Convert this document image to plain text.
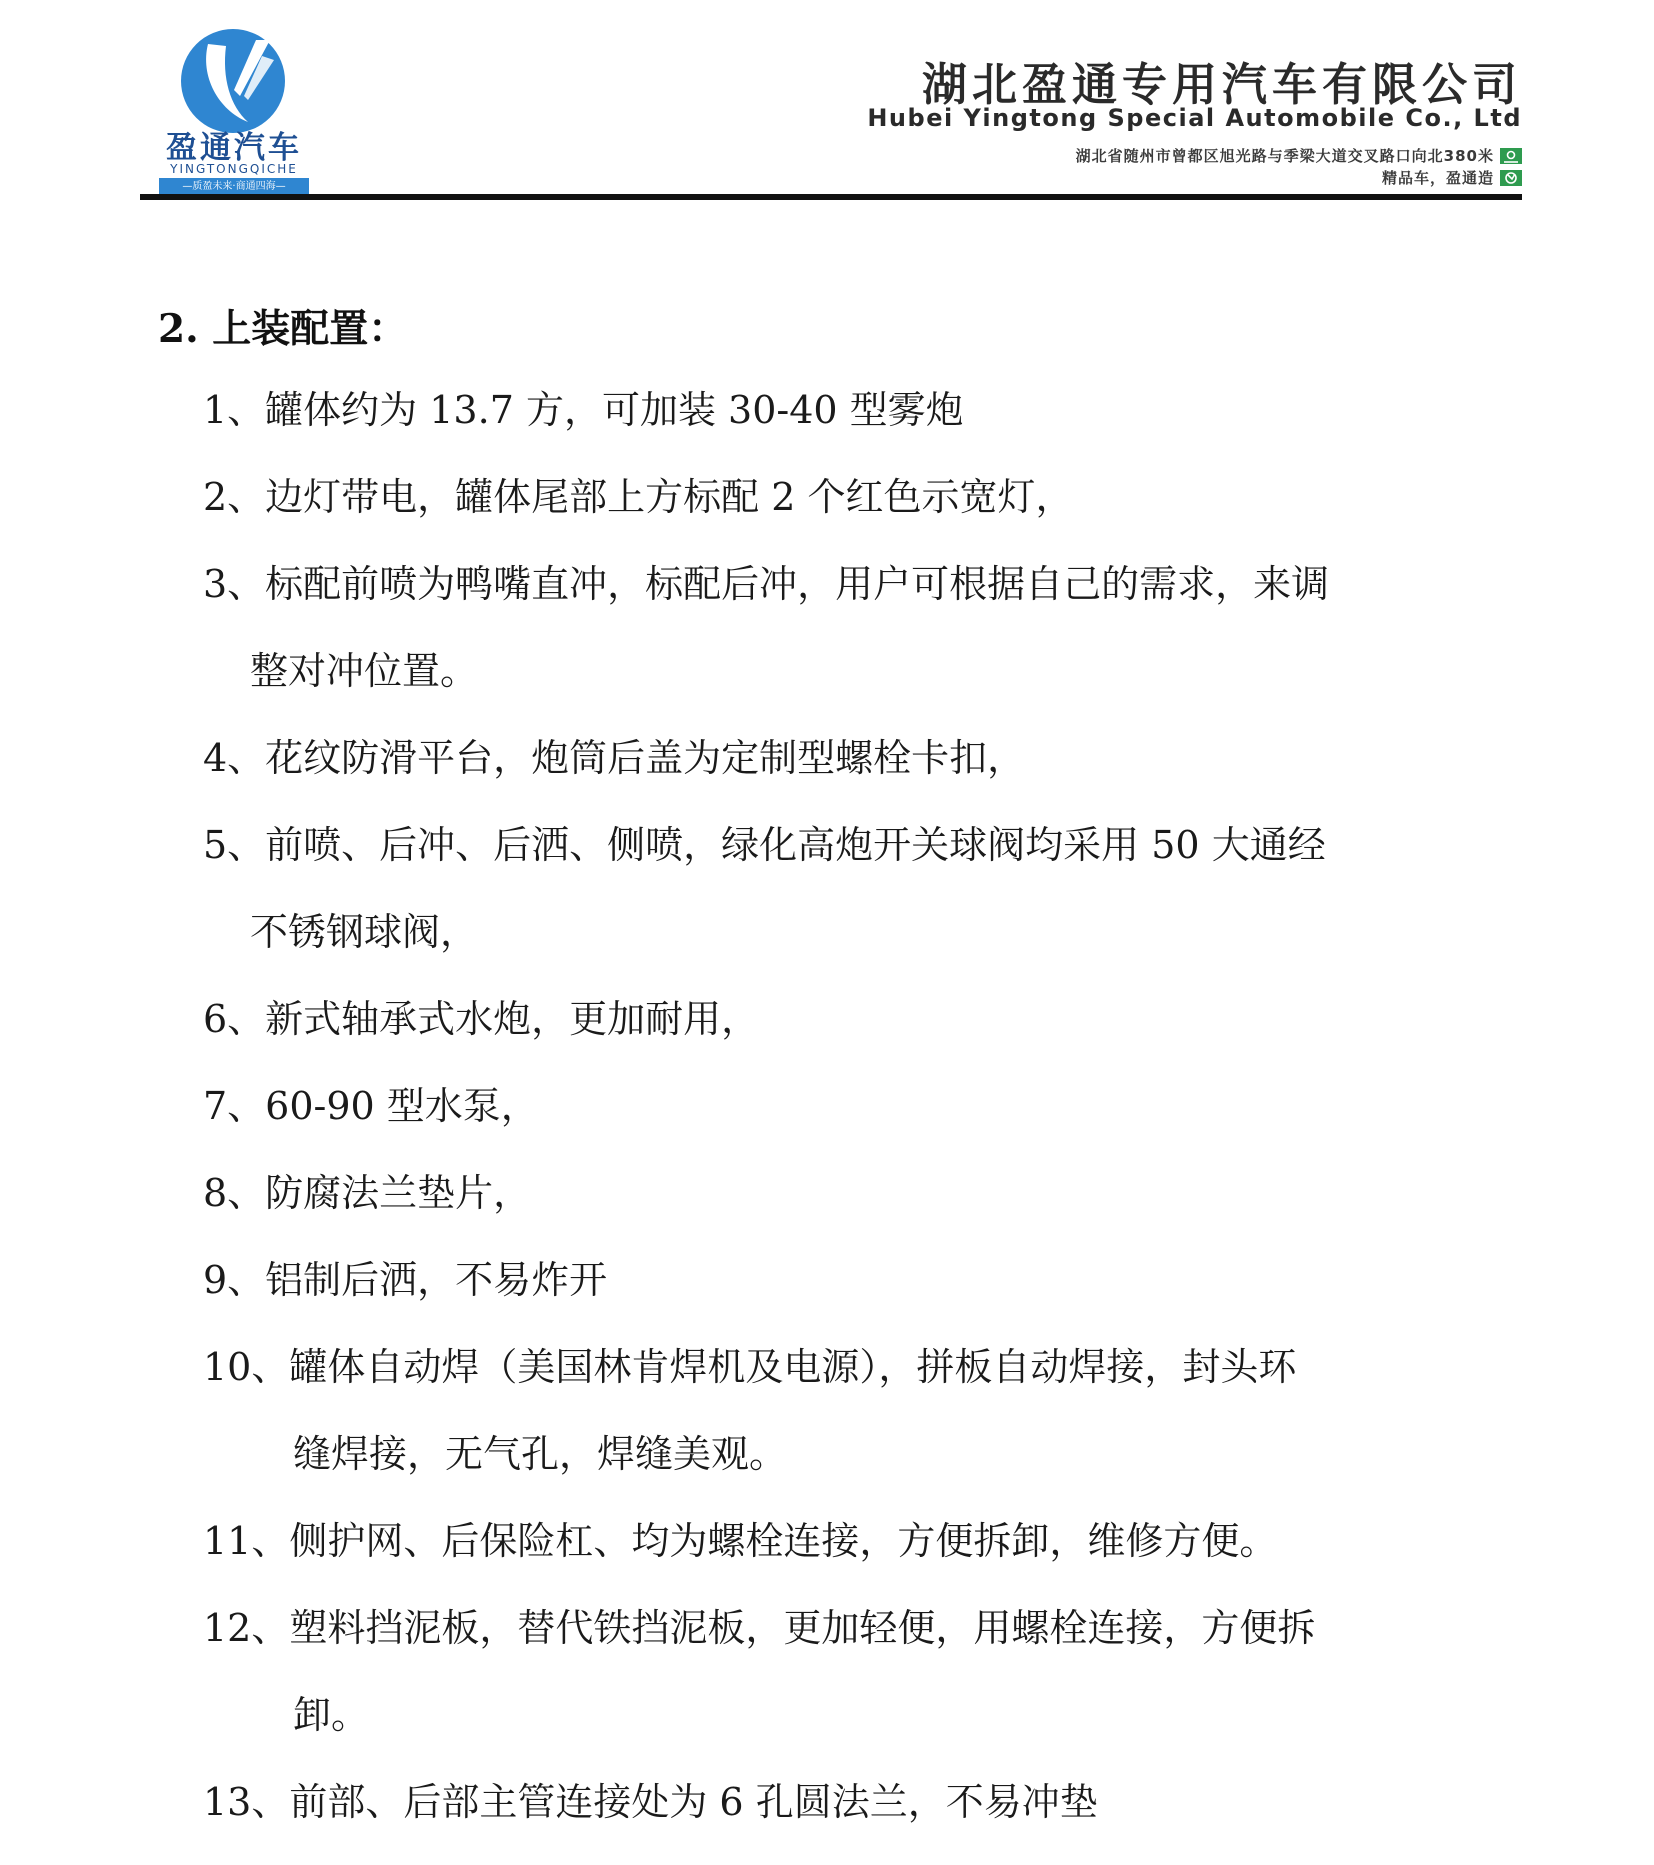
盈通汽车
YINGTONGQICHE
—质盈未来·商通四海—
湖北盈通专用汽车有限公司
Hubei Yingtong Special Automobile Co., Ltd
湖北省随州市曾都区旭光路与季梁大道交叉路口向北380米
精品车，盈通造
2. 上装配置：
1、罐体约为 13.7 方，可加装 30-40 型雾炮
2、边灯带电，罐体尾部上方标配 2 个红色示宽灯，
3、标配前喷为鸭嘴直冲，标配后冲，用户可根据自己的需求，来调
整对冲位置。
4、花纹防滑平台，炮筒后盖为定制型螺栓卡扣，
5、前喷、后冲、后洒、侧喷，绿化高炮开关球阀均采用 50 大通经
不锈钢球阀，
6、新式轴承式水炮，更加耐用，
7、60-90 型水泵，
8、防腐法兰垫片，
9、铝制后洒，不易炸开
10、罐体自动焊（美国林肯焊机及电源），拼板自动焊接，封头环
缝焊接，无气孔，焊缝美观。
11、侧护网、后保险杠、均为螺栓连接，方便拆卸，维修方便。
12、塑料挡泥板，替代铁挡泥板，更加轻便，用螺栓连接，方便拆
卸。
13、前部、后部主管连接处为 6 孔圆法兰，不易冲垫
